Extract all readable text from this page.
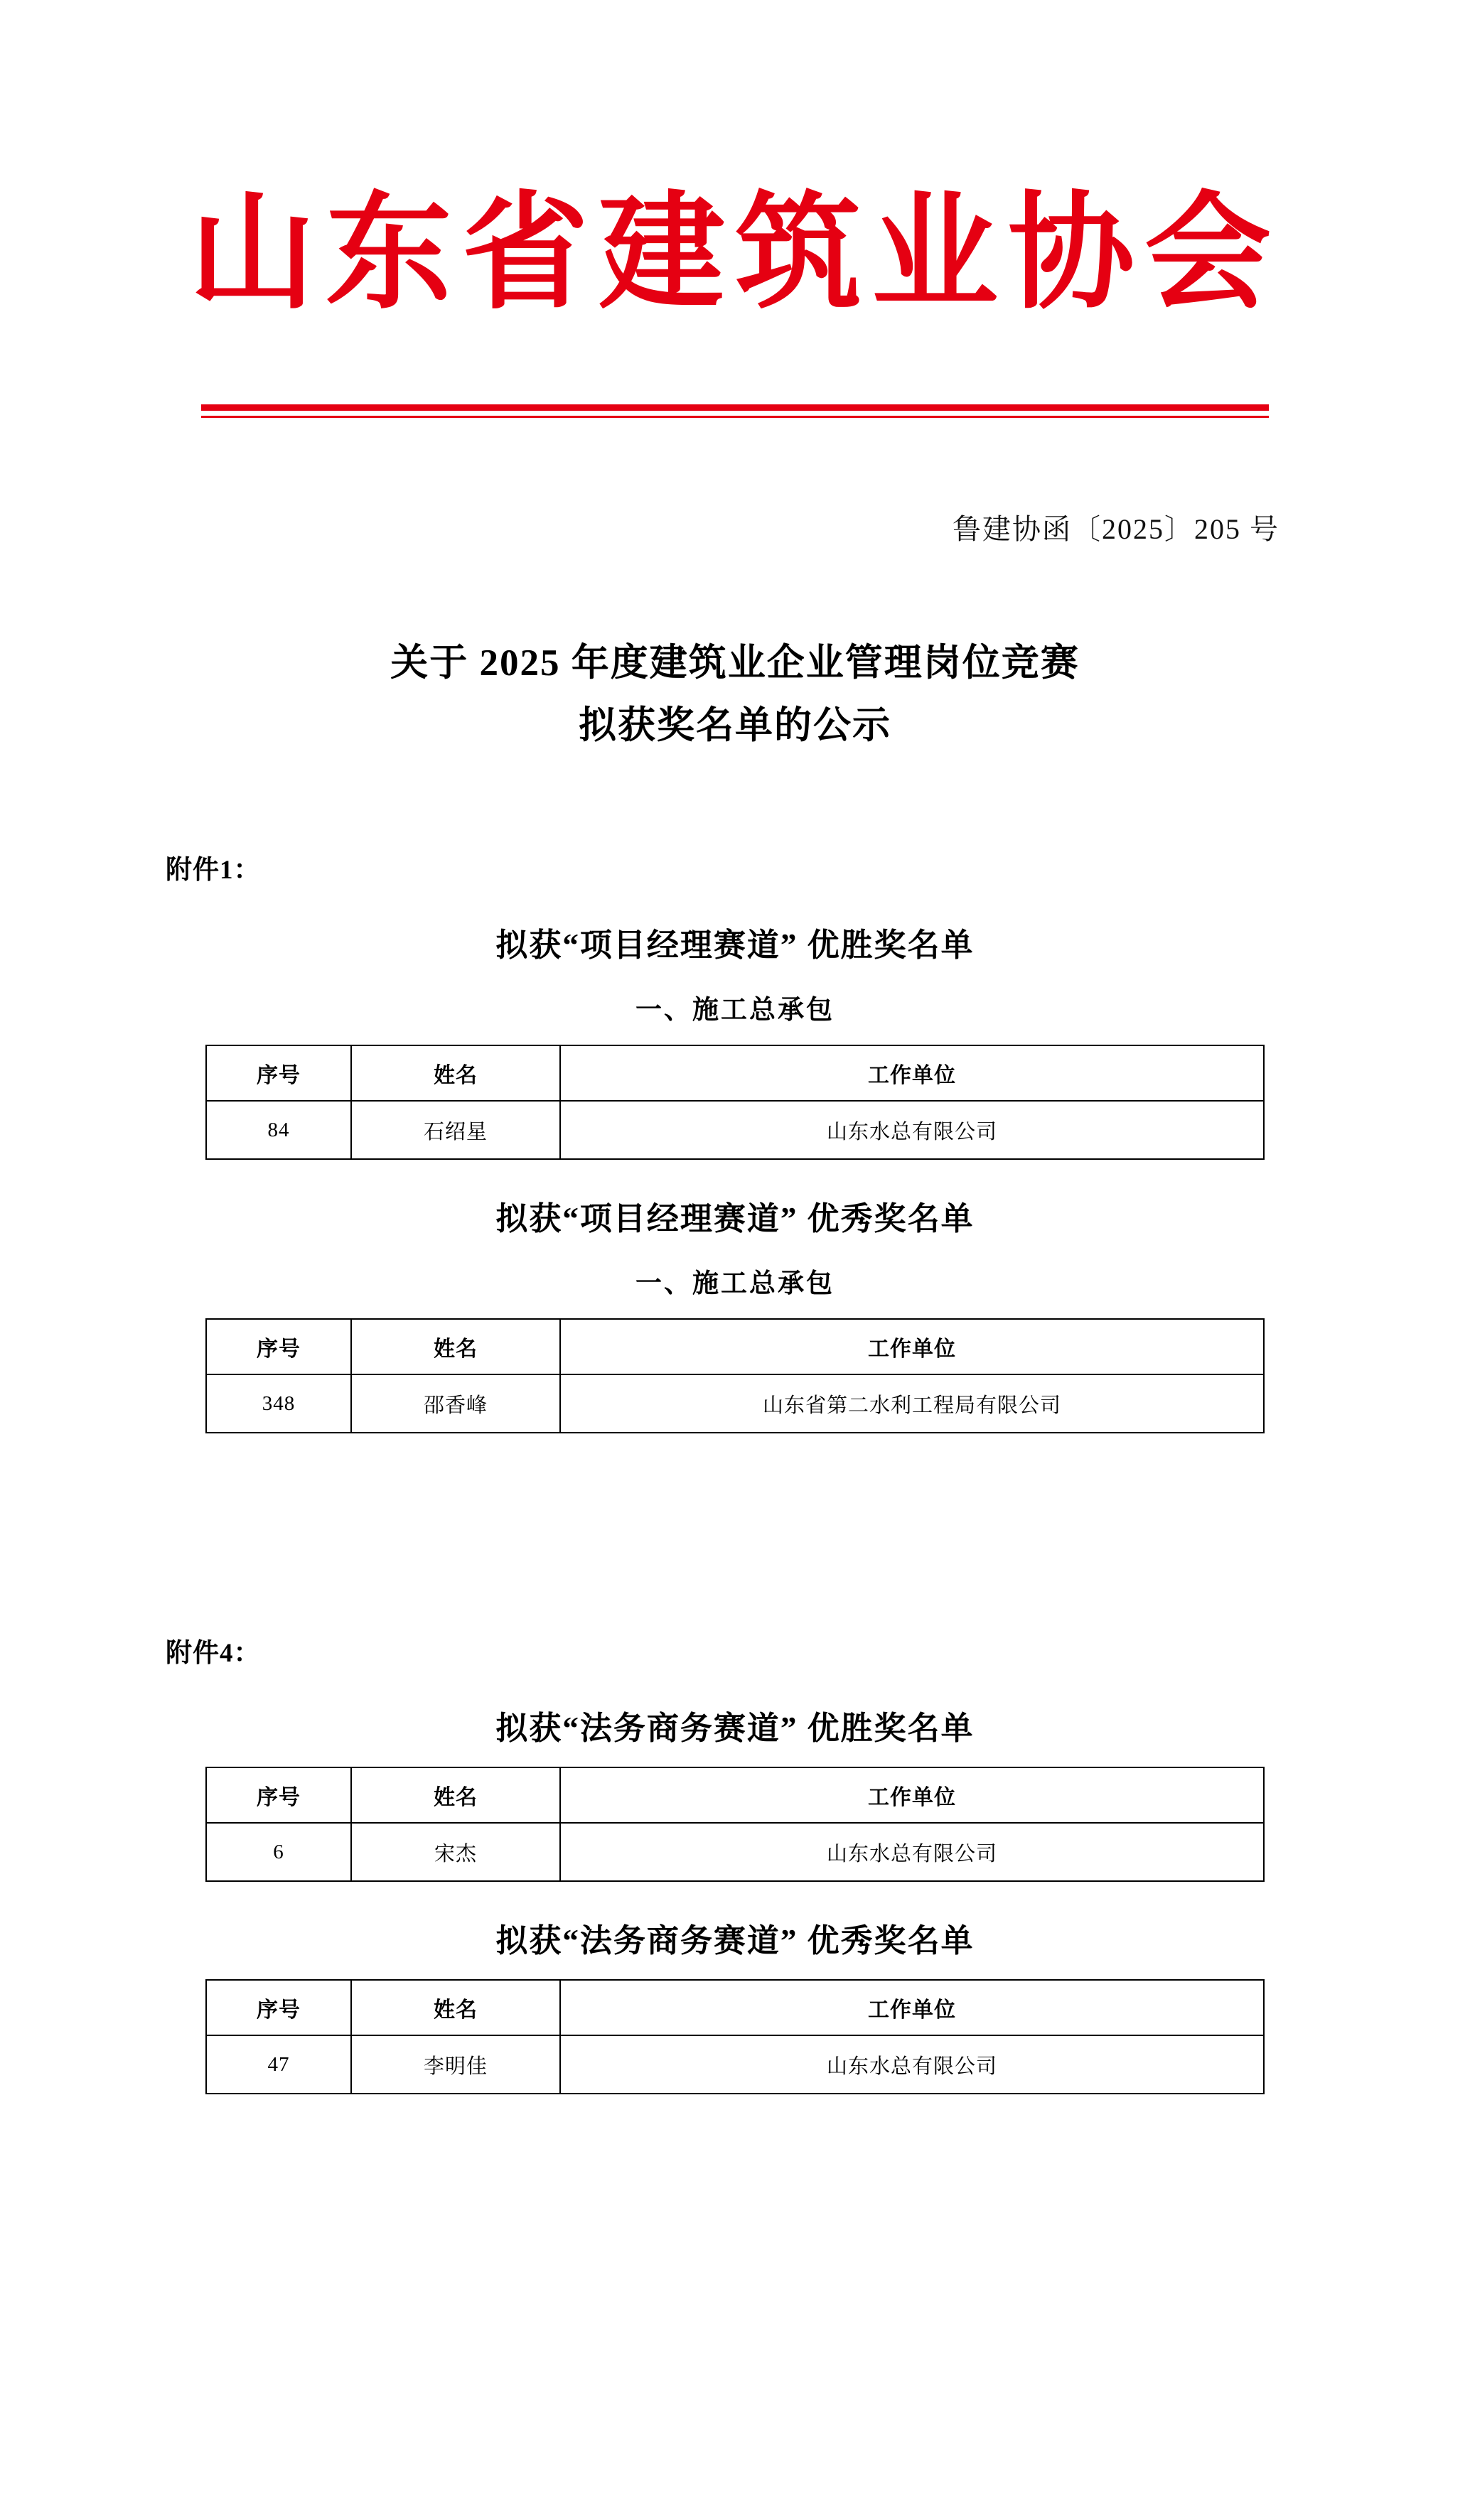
山东省建筑业协会
鲁建协函〔2025〕205 号
关于 2025 年度建筑业企业管理岗位竞赛
拟获奖名单的公示
附件1：
拟获“项目经理赛道” 优胜奖名单
一、施工总承包
序号	姓名	工作单位
84	石绍星	山东水总有限公司
拟获“项目经理赛道” 优秀奖名单
一、施工总承包
序号	姓名	工作单位
348	邵香峰	山东省第二水利工程局有限公司
附件4：
拟获“法务商务赛道” 优胜奖名单
序号	姓名	工作单位
6	宋杰	山东水总有限公司
拟获“法务商务赛道” 优秀奖名单
序号	姓名	工作单位
47	李明佳	山东水总有限公司
